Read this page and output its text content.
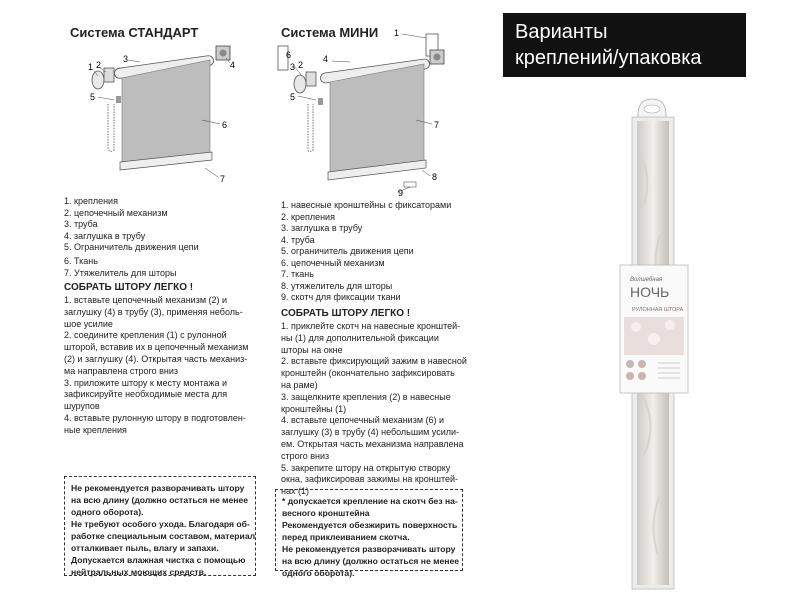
Система СТАНДАРТ
1 2
3
4
5
6
7
1. крепления
2. цепочечный механизм
3. труба
4. заглушка в трубу
5. Ограничитель движения цепи
6. Ткань
7. Утяжелитель для шторы

СОБРАТЬ ШТОРУ ЛЕГКО !

1. вставьте цепочечный механизм (2) и
заглушку (4) в трубу (3), применяя неболь-
шое усилие
2. соедините крепления (1) с рулонной
шторой, вставив их в цепочечный механизм
(2) и заглушку (4). Открытая часть механиз-
ма направлена строго вниз
3. приложите штору к месту монтажа и
зафиксируйте необходимые места для
шурупов
4. вставьте рулонную штору в подготовлен-
ные крепления
Не рекомендуется разворачивать штору
на всю длину (должно остаться не менее
одного оборота).
Не требуют особого ухода. Благодаря об-
работке специальным составом, материал
отталкивает пыль, влагу и запахи.
Допускается влажная чистка с помощью
нейтральных моющих средств.
Система МИНИ 1
2
3
4
5
6
7
8
9
1. навесные кронштейны с фиксаторами
2. крепления
3. заглушка в трубу
4. труба
5. ограничитель движения цепи
6. цепочечный механизм
7. ткань
8. утяжелитель для шторы
9. скотч для фиксации ткани

СОБРАТЬ ШТОРУ ЛЕГКО !

1. приклейте скотч на навесные кронштей-
ны (1) для дополнительной фиксации
шторы на окне
2. вставьте фиксирующий зажим в навесной
кронштейн (окончательно зафиксировать
на раме)
3. защелкните крепления (2) в навесные
кронштейны (1)
4. вставьте цепочечный механизм (6) и
заглушку (3) в трубу (4) небольшим усили-
ем. Открытая часть механизма направлена
строго вниз
5. закрепите штору на открытую створку
окна, зафиксировав зажимы на кронштей-
нах (1)
* допускается крепление на скотч без на-
весного кронштейна
Рекомендуется обезжирить поверхность
перед приклеиванием скотча.
Не рекомендуется разворачивать штору
на всю длину (должно остаться не менее
одного оборота).
Варианты
креплений/упаковка
Волшебная
НОЧЬ
РУЛОННАЯ ШТОРА
